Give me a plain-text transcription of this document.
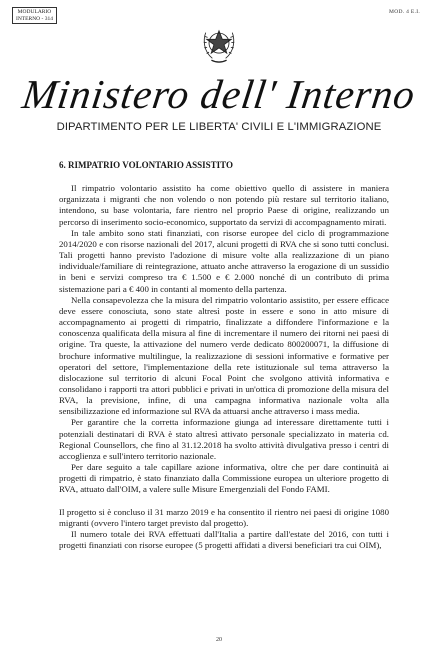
MODULARIO
INTERNO - 314
MOD. 4 E.I.
Ministero dell' Interno
DIPARTIMENTO PER LE LIBERTA' CIVILI E L'IMMIGRAZIONE

6. RIMPATRIO VOLONTARIO ASSISTITO

Il rimpatrio volontario assistito ha come obiettivo quello di assistere in maniera organizzata i migranti che non volendo o non potendo più restare sul territorio italiano, intendono, su base volontaria, fare rientro nel proprio Paese di origine, realizzando un percorso di inserimento socio-economico, supportato da servizi di accompagnamento mirati.

In tale ambito sono stati finanziati, con risorse europee del ciclo di programmazione 2014/2020 e con risorse nazionali del 2017, alcuni progetti di RVA che si sono tutti conclusi. Tali progetti hanno previsto l'adozione di misure volte alla realizzazione di un piano individuale/familiare di reintegrazione, attuato anche attraverso la erogazione di un sussidio in beni e servizi compreso tra € 1.500 e € 2.000 nonché di un contributo di prima sistemazione pari a € 400 in contanti al momento della partenza.

Nella consapevolezza che la misura del rimpatrio volontario assistito, per essere efficace deve essere conosciuta, sono state altresì poste in essere e sono in atto misure di accompagnamento ai progetti di rimpatrio, finalizzate a diffondere l'informazione e la conoscenza qualificata della misura al fine di incrementare il numero dei ritorni nei paesi di origine. Tra queste, la attivazione del numero verde dedicato 800200071, la diffusione di brochure informative multilingue, la realizzazione di sessioni informative e formative per operatori del settore, l'implementazione della rete istituzionale sul tema attraverso la dislocazione sul territorio di alcuni Focal Point che svolgono attività informativa e consolidano i rapporti tra attori pubblici e privati in un'ottica di promozione della misura del RVA, la previsione, infine, di una campagna informativa nazionale volta alla sensibilizzazione ed informazione sul RVA da attuarsi anche attraverso i mass media.

Per garantire che la corretta informazione giunga ad interessare direttamente tutti i potenziali destinatari di RVA è stato altresì attivato personale specializzato in materia cd. Regional Counsellors, che fino al 31.12.2018 ha svolto attività divulgativa presso i centri di accoglienza e sull'intero territorio nazionale.

Per dare seguito a tale capillare azione informativa, oltre che per dare continuità ai progetti di rimpatrio, è stato finanziato dalla Commissione europea un ulteriore progetto di RVA, attuato dall'OIM, a valere sulle Misure Emergenziali del Fondo FAMI.

Il progetto si è concluso il 31 marzo 2019 e ha consentito il rientro nei paesi di origine 1080 migranti (ovvero l'intero target previsto dal progetto).

Il numero totale dei RVA effettuati dall'Italia a partire dall'estate del 2016, con tutti i progetti finanziati con risorse europee (5 progetti affidati a diversi beneficiari tra cui OIM),

20
